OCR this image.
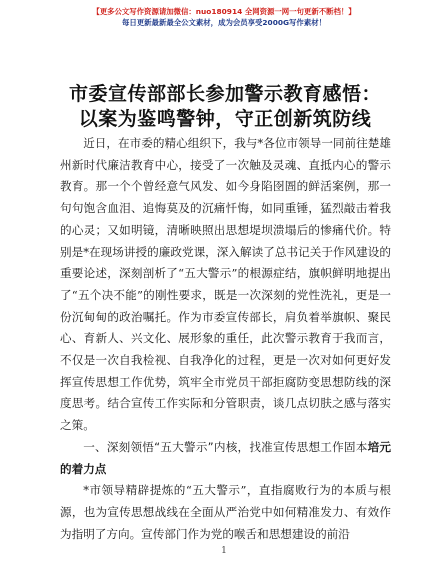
【更多公文写作资源请加微信：nuo180914 全网资源一网一句更新不断档！】
每日更新最新最全公文素材，成为会员享受2000G写作素材！
市委宣传部部长参加警示教育感悟：以案为鉴鸣警钟，守正创新筑防线

近日，在市委的精心组织下，我与*各位市领导一同前往楚雄州新时代廉洁教育中心，接受了一次触及灵魂、直抵内心的警示教育。那一个个曾经意气风发、如今身陷囹圄的鲜活案例，那一句句饱含血泪、追悔莫及的沉痛忏悔，如同重锤，猛烈敲击着我的心灵；又如明镜，清晰映照出思想堤坝溃塌后的惨痛代价。特别是*在现场讲授的廉政党课，深入解读了总书记关于作风建设的重要论述，深刻剖析了“五大警示”的根源症结，旗帜鲜明地提出了“五个决不能”的刚性要求，既是一次深刻的党性洗礼，更是一份沉甸甸的政治嘱托。作为市委宣传部长，肩负着举旗帜、聚民心、育新人、兴文化、展形象的重任，此次警示教育于我而言，不仅是一次自我检视、自我净化的过程，更是一次对如何更好发挥宣传思想工作优势，筑牢全市党员干部拒腐防变思想防线的深度思考。结合宣传工作实际和分管职责，谈几点切肤之感与落实之策。

一、深刻领悟“五大警示”内核，找准宣传思想工作固本培元的着力点

*市领导精辟提炼的“五大警示”，直指腐败行为的本质与根源，也为宣传思想战线在全面从严治党中如何精准发力、有效作为指明了方向。宣传部门作为党的喉舌和思想建设的前沿

1
